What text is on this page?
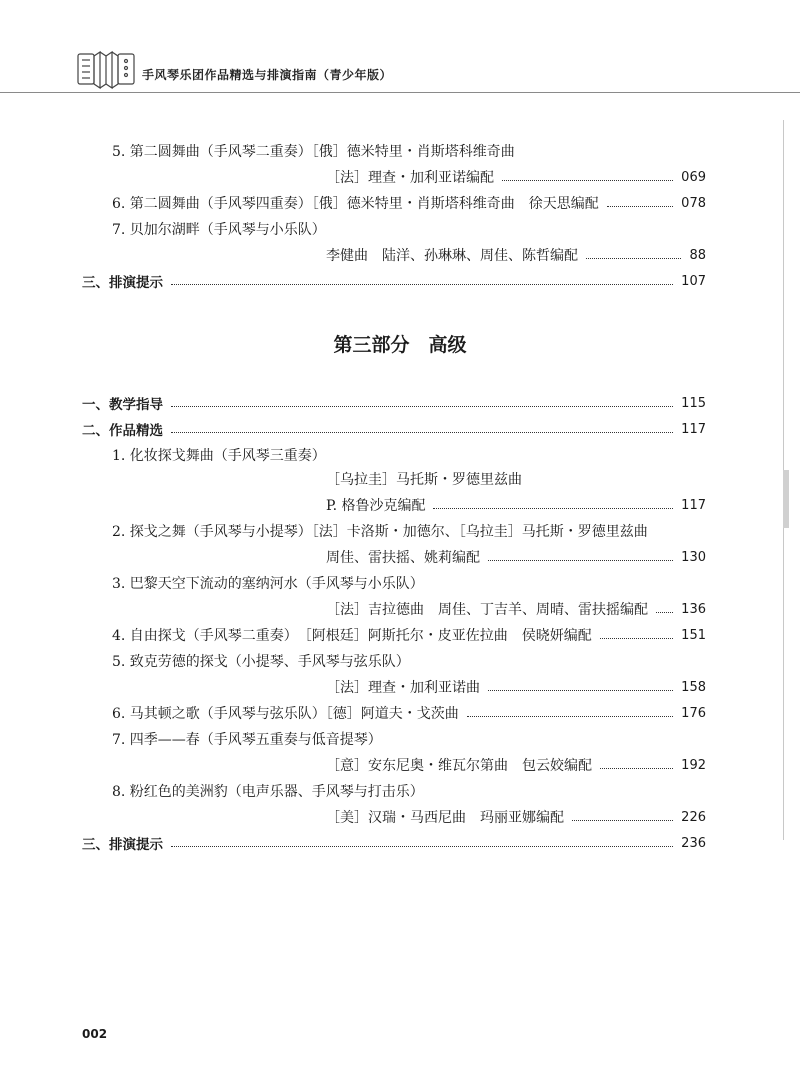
手风琴乐团作品精选与排演指南（青少年版）
5. 第二圆舞曲（手风琴二重奏）［俄］德米特里・肖斯塔科维奇曲
［法］理查・加利亚诺编配	069
6. 第二圆舞曲（手风琴四重奏）［俄］德米特里・肖斯塔科维奇曲　徐天思编配	078
7. 贝加尔湖畔（手风琴与小乐队）
李健曲　陆洋、孙琳琳、周佳、陈哲编配	88
三、排演提示	107
第三部分　高级
一、教学指导	115
二、作品精选	117
1. 化妆探戈舞曲（手风琴三重奏）
［乌拉圭］马托斯・罗德里兹曲
P. 格鲁沙克编配	117
2. 探戈之舞（手风琴与小提琴）［法］卡洛斯・加德尔、［乌拉圭］马托斯・罗德里兹曲
周佳、雷扶摇、姚莉编配	130
3. 巴黎天空下流动的塞纳河水（手风琴与小乐队）
［法］吉拉德曲　周佳、丁吉羊、周晴、雷扶摇编配	136
4. 自由探戈（手风琴二重奏）　［阿根廷］阿斯托尔・皮亚佐拉曲　侯晓妍编配	151
5. 致克劳德的探戈（小提琴、手风琴与弦乐队）
［法］理查・加利亚诺曲	158
6. 马其顿之歌（手风琴与弦乐队）［德］阿道夫・戈茨曲	176
7. 四季——春（手风琴五重奏与低音提琴）
［意］安东尼奥・维瓦尔第曲　包云姣编配	192
8. 粉红色的美洲豹（电声乐器、手风琴与打击乐）
［美］汉瑞・马西尼曲　玛丽亚娜编配	226
三、排演提示	236
002
